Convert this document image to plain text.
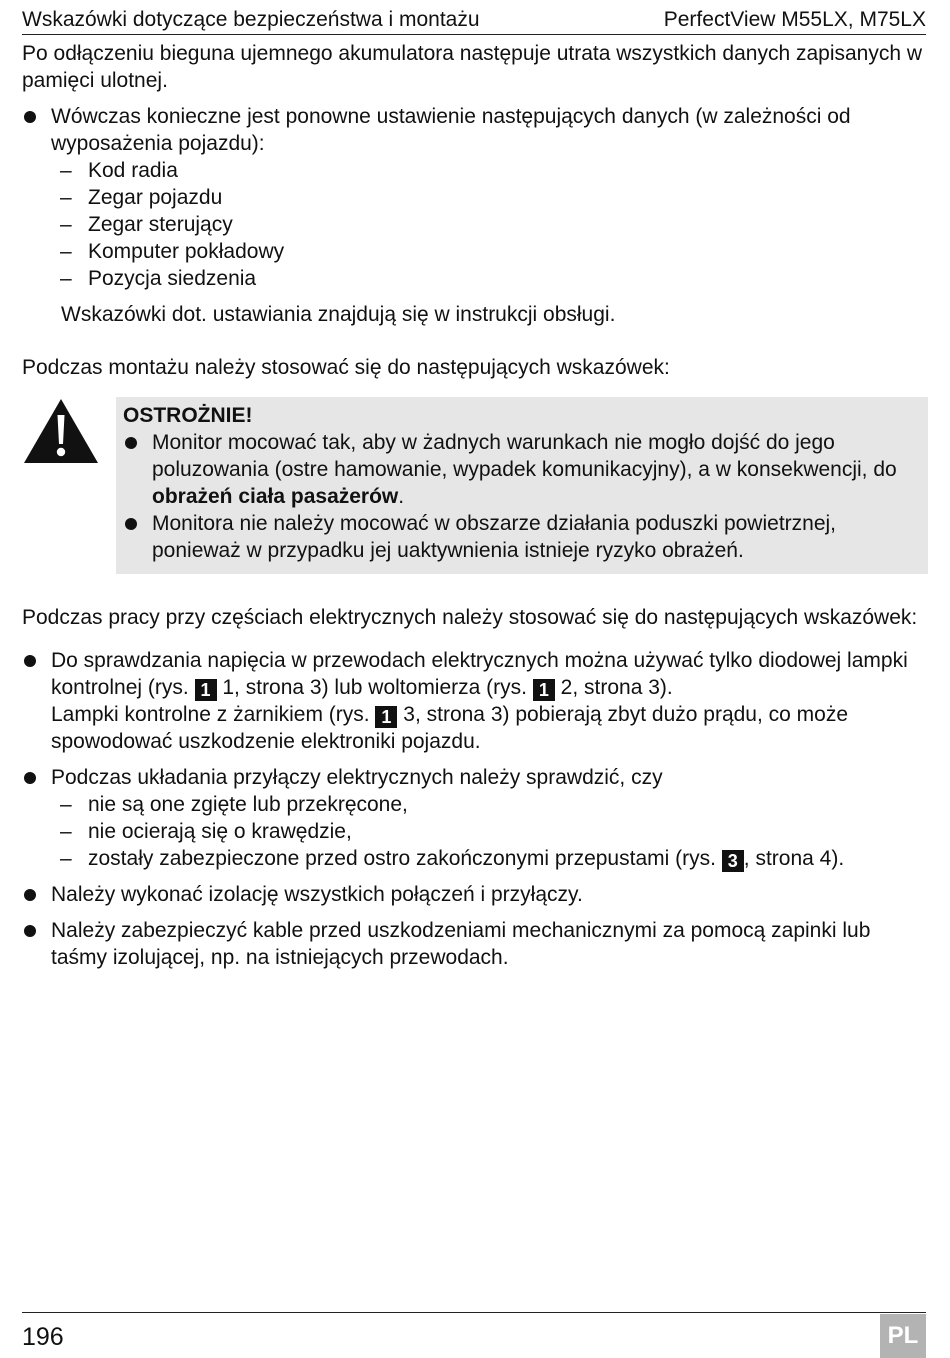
Wskazówki dotyczące bezpieczeństwa i montażu	PerfectView M55LX, M75LX

Po odłączeniu bieguna ujemnego akumulatora następuje utrata wszystkich danych zapisanych w pamięci ulotnej.

Wówczas konieczne jest ponowne ustawienie następujących danych (w zależności od wyposażenia pojazdu):

– Kod radia
– Zegar pojazdu
– Zegar sterujący
– Komputer pokładowy
– Pozycja siedzenia

Wskazówki dot. ustawiania znajdują się w instrukcji obsługi.

Podczas montażu należy stosować się do następujących wskazówek:

OSTROŻNIE!

Monitor mocować tak, aby w żadnych warunkach nie mogło dojść do jego poluzowania (ostre hamowanie, wypadek komunikacyjny), a w konsekwencji, do obrażeń ciała pasażerów.

Monitora nie należy mocować w obszarze działania poduszki powietrznej, ponieważ w przypadku jej uaktywnienia istnieje ryzyko obrażeń.

Podczas pracy przy częściach elektrycznych należy stosować się do następujących wskazówek:

Do sprawdzania napięcia w przewodach elektrycznych można używać tylko diodowej lampki kontrolnej (rys. 1 1, strona 3) lub woltomierza (rys. 1 2, strona 3).
Lampki kontrolne z żarnikiem (rys. 1 3, strona 3) pobierają zbyt dużo prądu, co może spowodować uszkodzenie elektroniki pojazdu.

Podczas układania przyłączy elektrycznych należy sprawdzić, czy

– nie są one zgięte lub przekręcone,
– nie ocierają się o krawędzie,
– zostały zabezpieczone przed ostro zakończonymi przepustami (rys. 3 , strona 4).

Należy wykonać izolację wszystkich połączeń i przyłączy.

Należy zabezpieczyć kable przed uszkodzeniami mechanicznymi za pomocą zapinki lub taśmy izolującej, np. na istniejących przewodach.

196	PL
